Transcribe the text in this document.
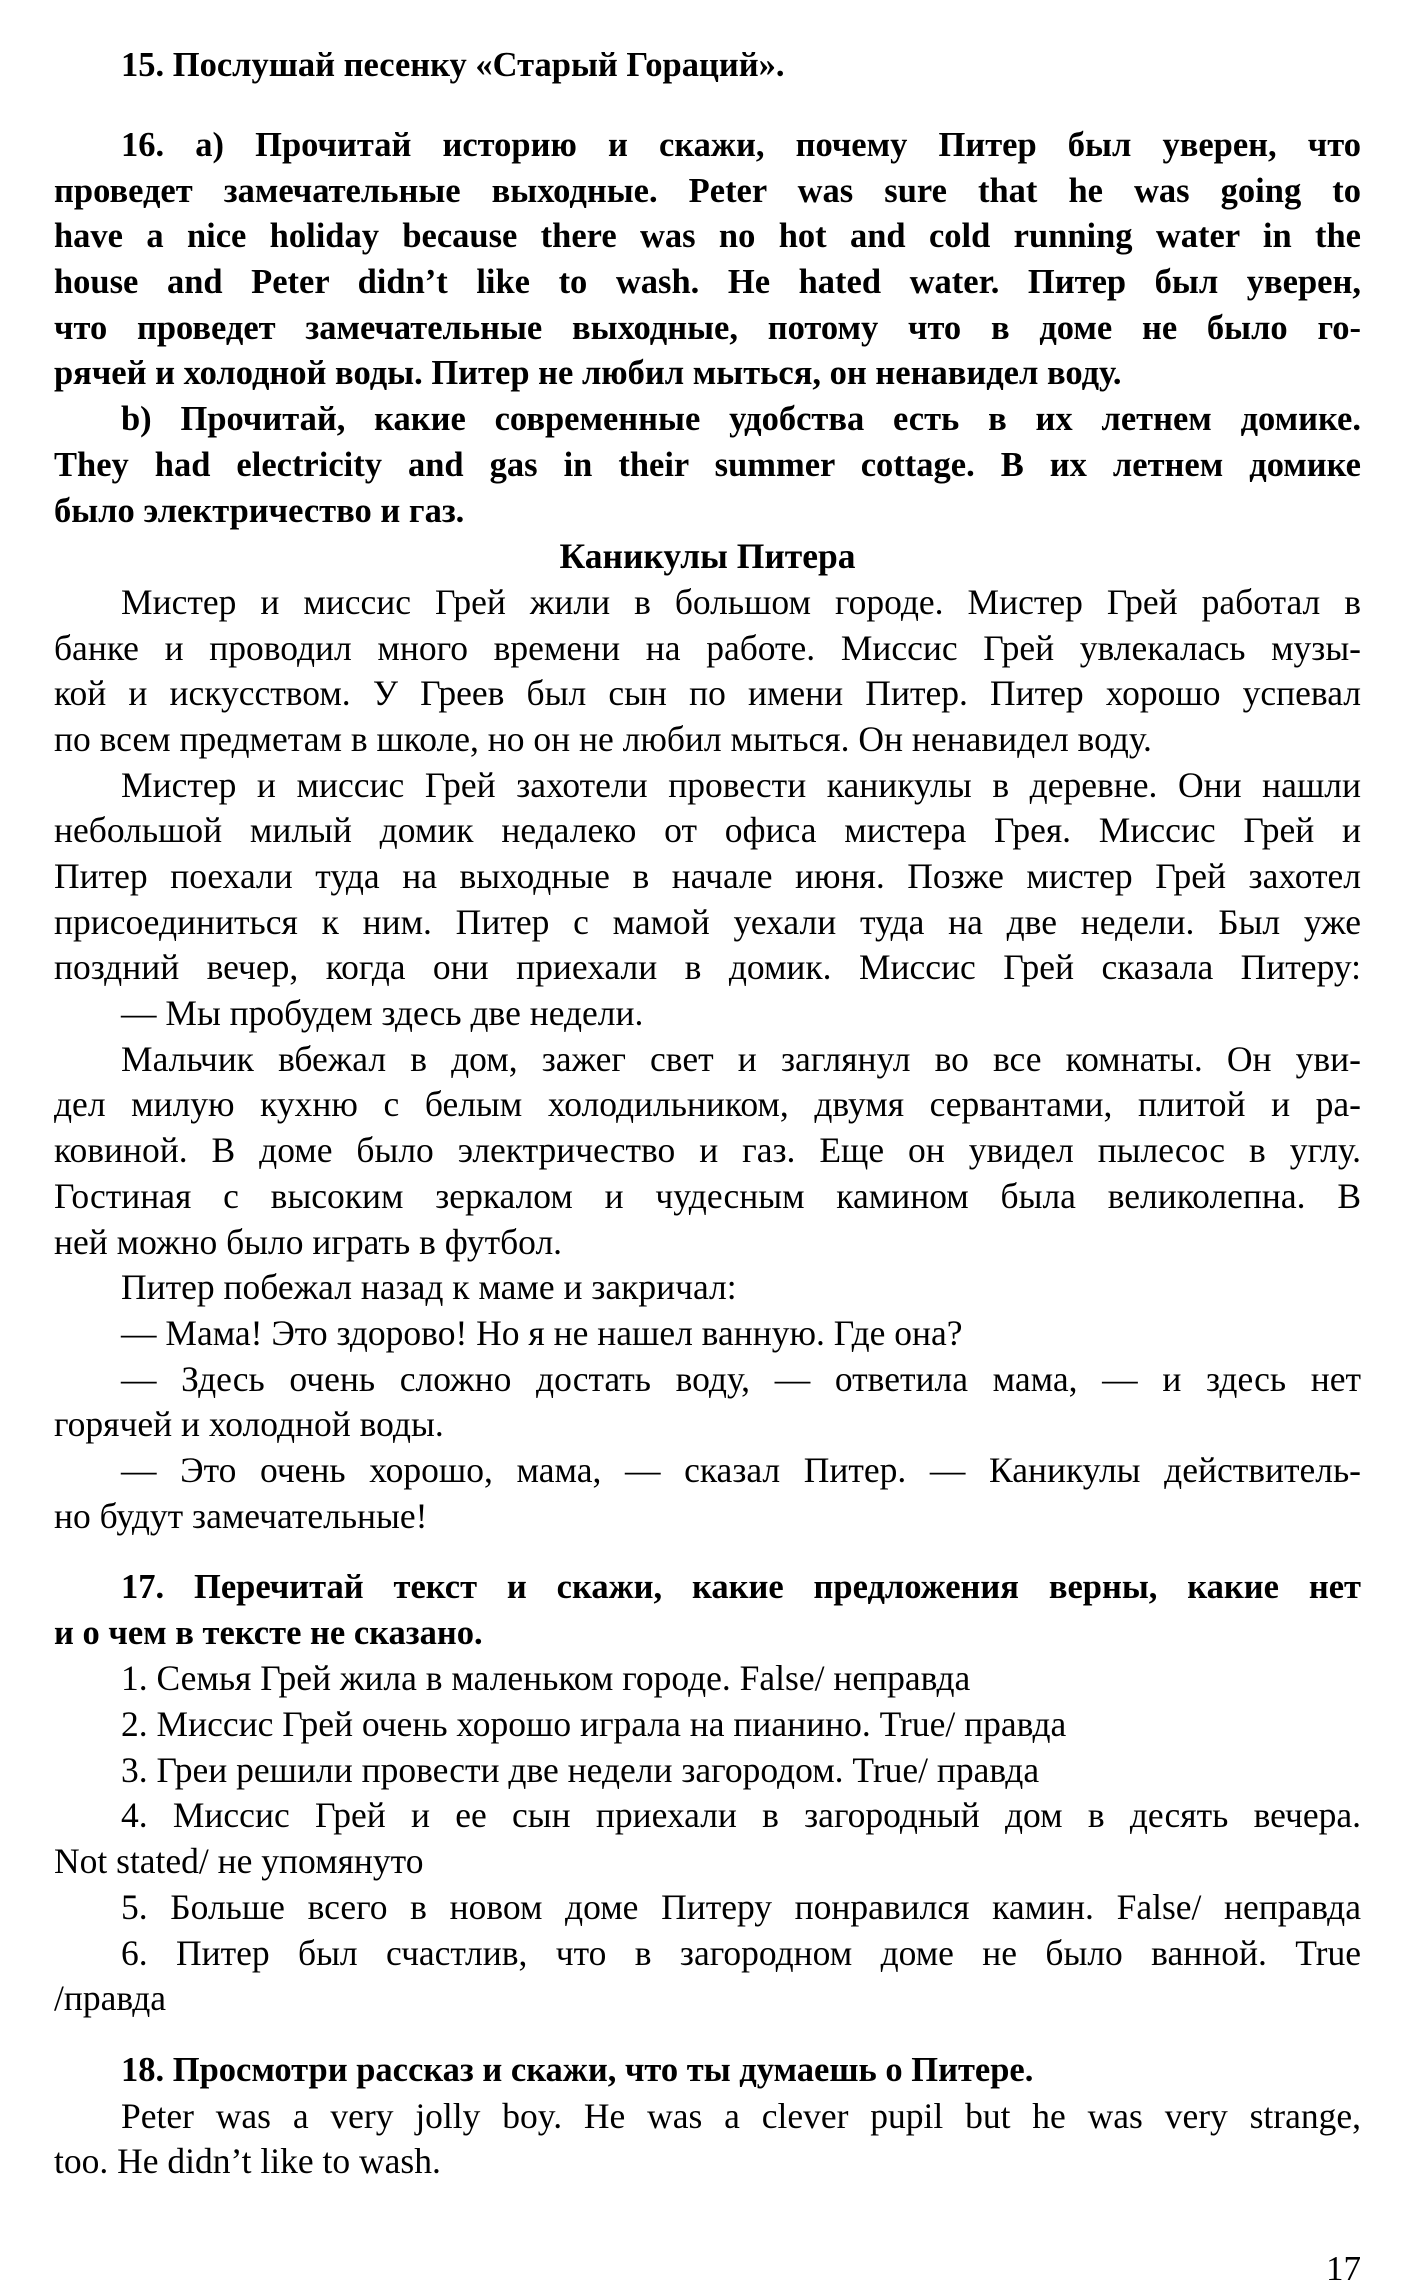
15. Послушай песенку «Старый Гораций».
16. а) Прочитай историю и скажи, почему Питер был уверен, что
проведет замечательные выходные. Peter was sure that he was going to
have a nice holiday because there was no hot and cold running water in the
house and Peter didn’t like to wash. He hated water. Питер был уверен,
что проведет замечательные выходные, потому что в доме не было го-
рячей и холодной воды. Питер не любил мыться, он ненавидел воду.
b) Прочитай, какие современные удобства есть в их летнем домике.
They had electricity and gas in their summer cottage. В их летнем домике
было электричество и газ.
Каникулы Питера
Мистер и миссис Грей жили в большом городе. Мистер Грей работал в
банке и проводил много времени на работе. Миссис Грей увлекалась музы-
кой и искусством. У Греев был сын по имени Питер. Питер хорошо успевал
по всем предметам в школе, но он не любил мыться. Он ненавидел воду.
Мистер и миссис Грей захотели провести каникулы в деревне. Они нашли
небольшой милый домик недалеко от офиса мистера Грея. Миссис Грей и
Питер поехали туда на выходные в начале июня. Позже мистер Грей захотел
присоединиться к ним. Питер с мамой уехали туда на две недели. Был уже
поздний вечер, когда они приехали в домик. Миссис Грей сказала Питеру:
— Мы пробудем здесь две недели.
Мальчик вбежал в дом, зажег свет и заглянул во все комнаты. Он уви-
дел милую кухню с белым холодильником, двумя сервантами, плитой и ра-
ковиной. В доме было электричество и газ. Еще он увидел пылесос в углу.
Гостиная с высоким зеркалом и чудесным камином была великолепна. В
ней можно было играть в футбол.
Питер побежал назад к маме и закричал:
— Мама! Это здорово! Но я не нашел ванную. Где она?
— Здесь очень сложно достать воду, — ответила мама, — и здесь нет
горячей и холодной воды.
— Это очень хорошо, мама, — сказал Питер. — Каникулы действитель-
но будут замечательные!
17. Перечитай текст и скажи, какие предложения верны, какие нет
и о чем в тексте не сказано.
1. Семья Грей жила в маленьком городе. False/ неправда
2. Миссис Грей очень хорошо играла на пианино. True/ правда
3. Греи решили провести две недели загородом. True/ правда
4. Миссис Грей и ее сын приехали в загородный дом в десять вечера.
Not stated/ не упомянуто
5. Больше всего в новом доме Питеру понравился камин. False/ неправда
6. Питер был счастлив, что в загородном доме не было ванной. True
/правда
18. Просмотри рассказ и скажи, что ты думаешь о Питере.
Peter was a very jolly boy. He was a clever pupil but he was very strange,
too. He didn’t like to wash.
17
